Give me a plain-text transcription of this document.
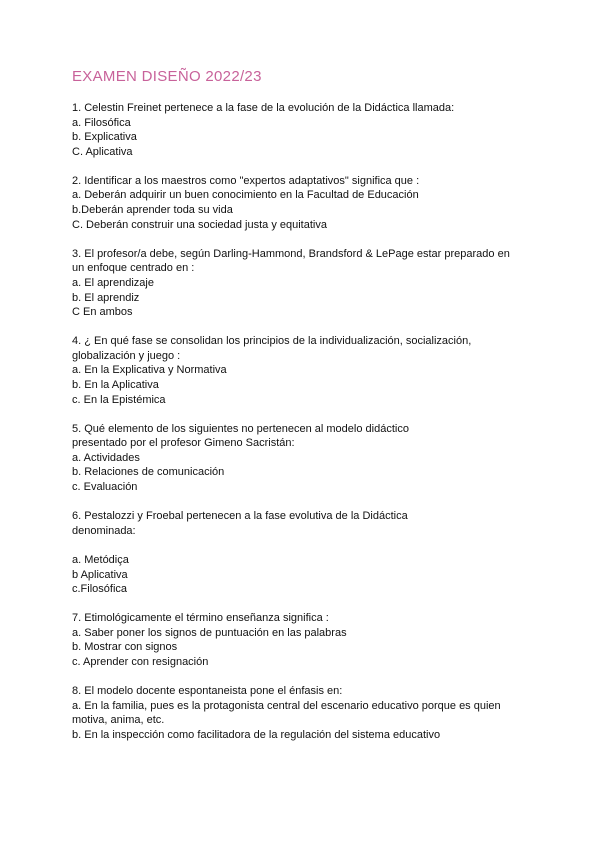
EXAMEN DISEÑO 2022/23
1. Celestin Freinet pertenece a la fase de la evolución de la Didáctica llamada:
a. Filosófica
b. Explicativa
C. Aplicativa
2. Identificar a los maestros como "expertos adaptativos" significa que :
a. Deberán adquirir un buen conocimiento en la Facultad de Educación
b.Deberán aprender toda su vida
C. Deberán construir una sociedad justa y equitativa
3. El profesor/a debe, según Darling-Hammond, Brandsford & LePage estar preparado en
un enfoque centrado en :
a. El aprendizaje
b. El aprendiz
C En ambos
4. ¿ En qué fase se consolidan los principios de la individualización, socialización,
globalización y juego :
a. En la Explicativa y Normativa
b. En la Aplicativa
c. En la Epistémica
5. Qué elemento de los siguientes no pertenecen al modelo didáctico
presentado por el profesor Gimeno Sacristán:
a. Actividades
b. Relaciones de comunicación
c. Evaluación
6. Pestalozzi y Froebal pertenecen a la fase evolutiva de la Didáctica
denominada:
a. Metódiça
b Aplicativa
c.Filosófica
7. Etimológicamente el término enseñanza significa :
a. Saber poner los signos de puntuación en las palabras
b. Mostrar con signos
c. Aprender con resignación
8. El modelo docente espontaneista pone el énfasis en:
a. En la familia, pues es la protagonista central del escenario educativo porque es quien
motiva, anima, etc.
b. En la inspección como facilitadora de la regulación del sistema educativo
